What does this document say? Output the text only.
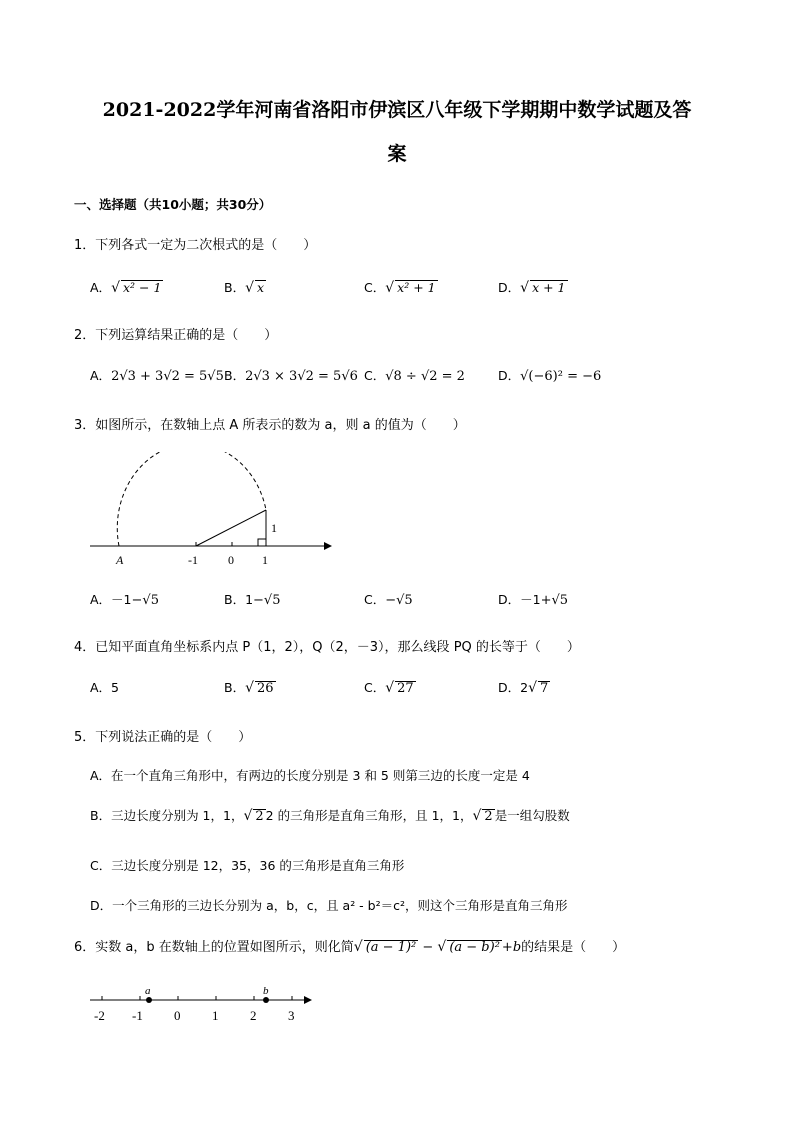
2021-2022学年河南省洛阳市伊滨区八年级下学期期中数学试题及答
案
一、选择题（共10小题；共30分）
1．下列各式一定为二次根式的是（　　）
A．√ x² − 1	B．√ x	C．√ x² + 1	D．√ x + 1
2．下列运算结果正确的是（　　）
A．2√3 + 3√2 = 5√5 B．2√3 × 3√2 = 5√6 C．√8 ÷ √2 = 2	D．√(−6)² = −6
3．如图所示，在数轴上点 A 所表示的数为 a，则 a 的值为（　　）
A	-1	0 1
1
A．－1−√5	B．1−√5	C．−√5	D．－1+√5
4．已知平面直角坐标系内点 P（1，2），Q（2，－3），那么线段 PQ 的长等于（　　）
A．5	B．√ 26	C．√ 27	D．2√ 7
5．下列说法正确的是（　　）
A．在一个直角三角形中，有两边的长度分别是 3 和 5 则第三边的长度一定是 4
B．三边长度分别为 1，1，√ 2 2 的三角形是直角三角形，且 1，1，√ 2 是一组勾股数
C．三边长度分别是 12，35，36 的三角形是直角三角形
D．一个三角形的三边长分别为 a，b，c，且 a² - b²＝c²，则这个三角形是直角三角形
6．实数 a，b 在数轴上的位置如图所示，则化简√ (a − 1)² − √ (a − b)² +b的结果是（　　）
a	b
-2 -1 0 1 2 3
